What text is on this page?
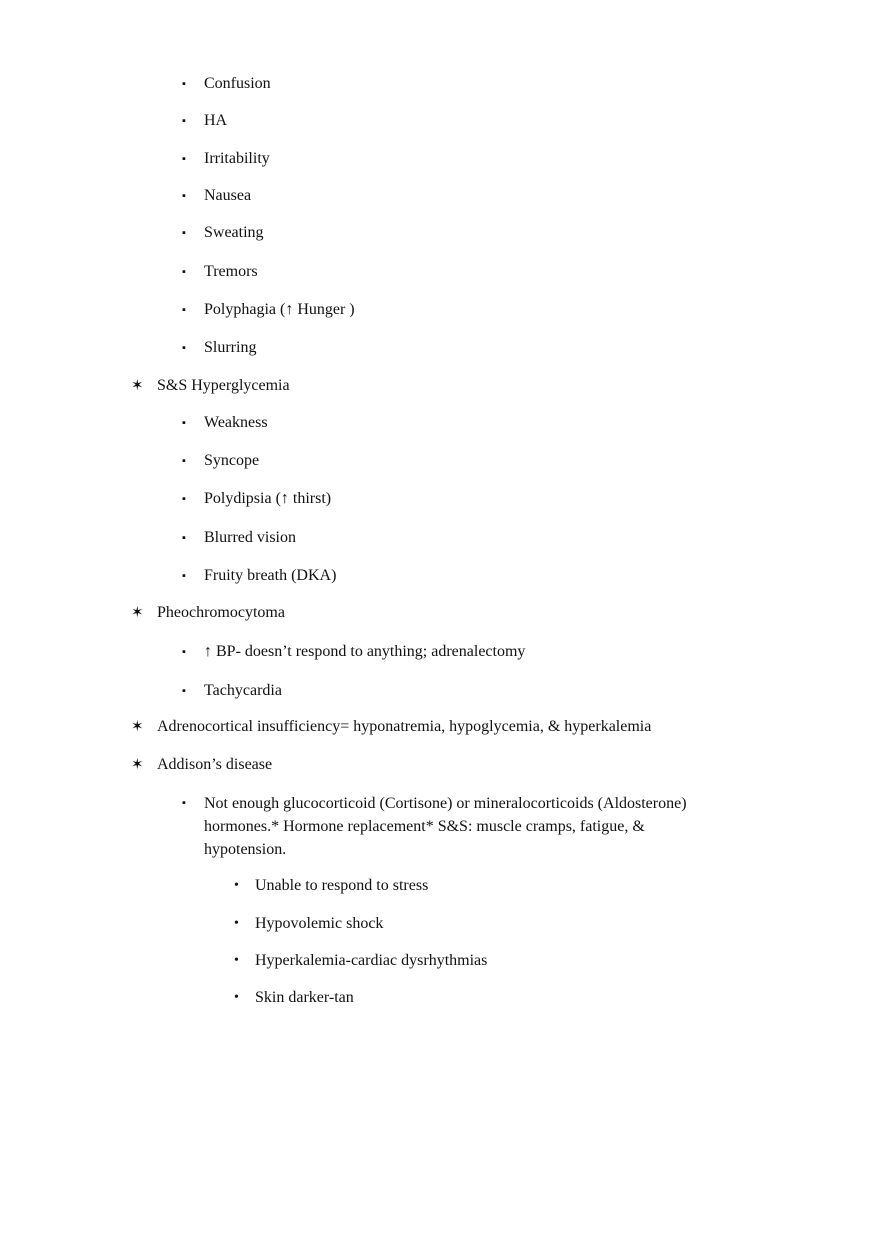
▪ Confusion
▪ HA
▪ Irritability
▪ Nausea
▪ Sweating
▪ Tremors
▪ Polyphagia (↑ Hunger )
▪ Slurring
✶ S&S Hyperglycemia
▪ Weakness
▪ Syncope
▪ Polydipsia (↑ thirst)
▪ Blurred vision
▪ Fruity breath (DKA)
✶ Pheochromocytoma
▪ ↑ BP- doesn’t respond to anything; adrenalectomy
▪ Tachycardia
✶ Adrenocortical insufficiency= hyponatremia, hypoglycemia, & hyperkalemia
✶ Addison’s disease
▪ Not enough glucocorticoid (Cortisone) or mineralocorticoids (Aldosterone)
hormones.* Hormone replacement* S&S: muscle cramps, fatigue, &
hypotension.
• Unable to respond to stress
• Hypovolemic shock
• Hyperkalemia-cardiac dysrhythmias
• Skin darker-tan
